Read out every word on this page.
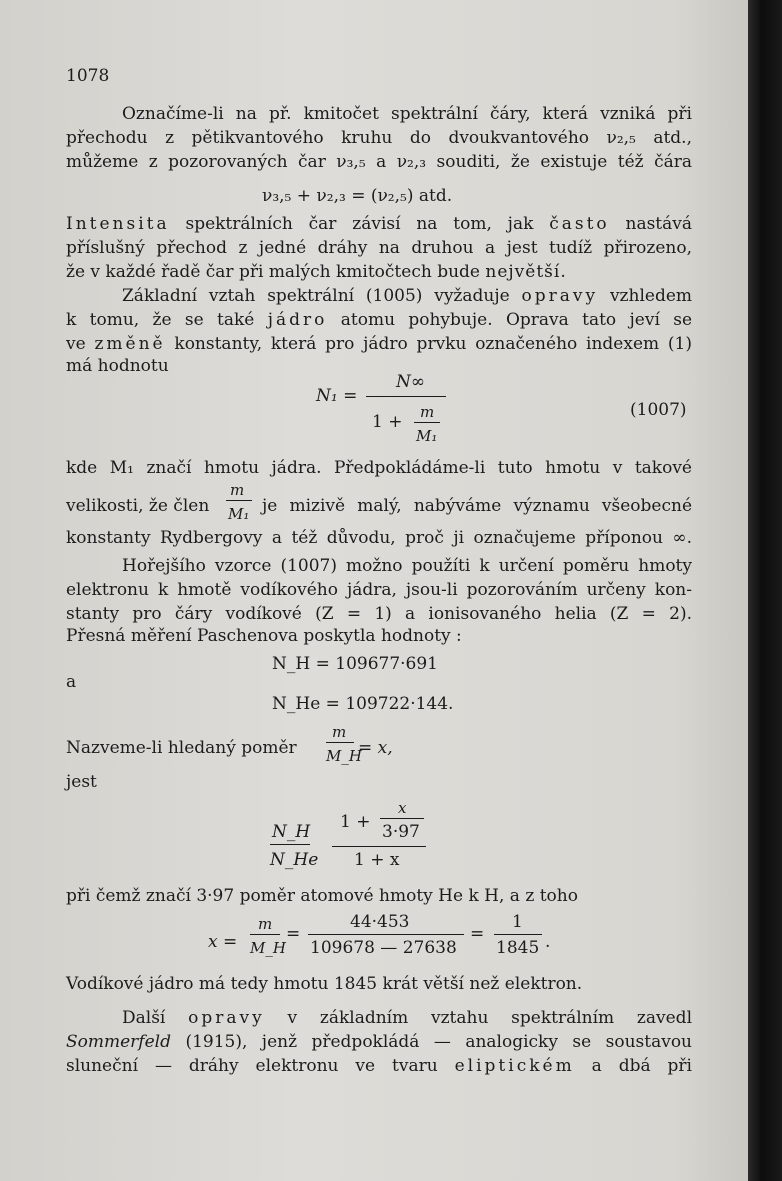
1078
Označíme-li na př. kmitočet spektrální čáry, která vzniká při
přechodu z pětikvantového kruhu do dvoukvantového ν₂,₅ atd.,
můžeme z pozorovaných čar ν₃,₅ a ν₂,₃ souditi, že existuje též čára
ν₃,₅ + ν₂,₃ = (ν₂,₅) atd.
Intensita spektrálních čar závisí na tom, jak často nastává
příslušný přechod z jedné dráhy na druhou a jest tudíž přirozeno,
že v každé řadě čar při malých kmitočtech bude největší.
Základní vztah spektrální (1005) vyžaduje opravy vzhledem
k tomu, že se také jádro atomu pohybuje. Oprava tato jeví se
ve změně konstanty, která pro jádro prvku označeného indexem (1)
má hodnotu
N₁ =
N∞
1 + m
M₁
(1007)
kde M₁ značí hmotu jádra. Předpokládáme-li tuto hmotu v takové
velikosti, že člen
m
M₁ je mizivě malý, nabýváme významu všeobecné
konstanty Rydbergovy a též důvodu, proč ji označujeme příponou ∞.
Hořejšího vzorce (1007) možno použíti k určení poměru hmoty
elektronu k hmotě vodíkového jádra, jsou-li pozorováním určeny kon-
stanty pro čáry vodíkové (Z = 1) a ionisovaného helia (Z = 2).
Přesná měření Paschenova poskytla hodnoty :
N_H = 109677·691
a
N_He = 109722·144.
Nazveme-li hledaný poměr
m
M_H
= x,
jest
N_H
N_He
1 +
x
3·97
1 + x
při čemž značí 3·97 poměr atomové hmoty He k H, a z toho
x =
m
M_H
=
44·453
109678 — 27638
=
1
1845 .
Vodíkové jádro má tedy hmotu 1845 krát větší než elektron.
Další opravy v základním vztahu spektrálním zavedl
Sommerfeld (1915), jenž předpokládá — analogicky se soustavou
sluneční — dráhy elektronu ve tvaru eliptickém a dbá při
